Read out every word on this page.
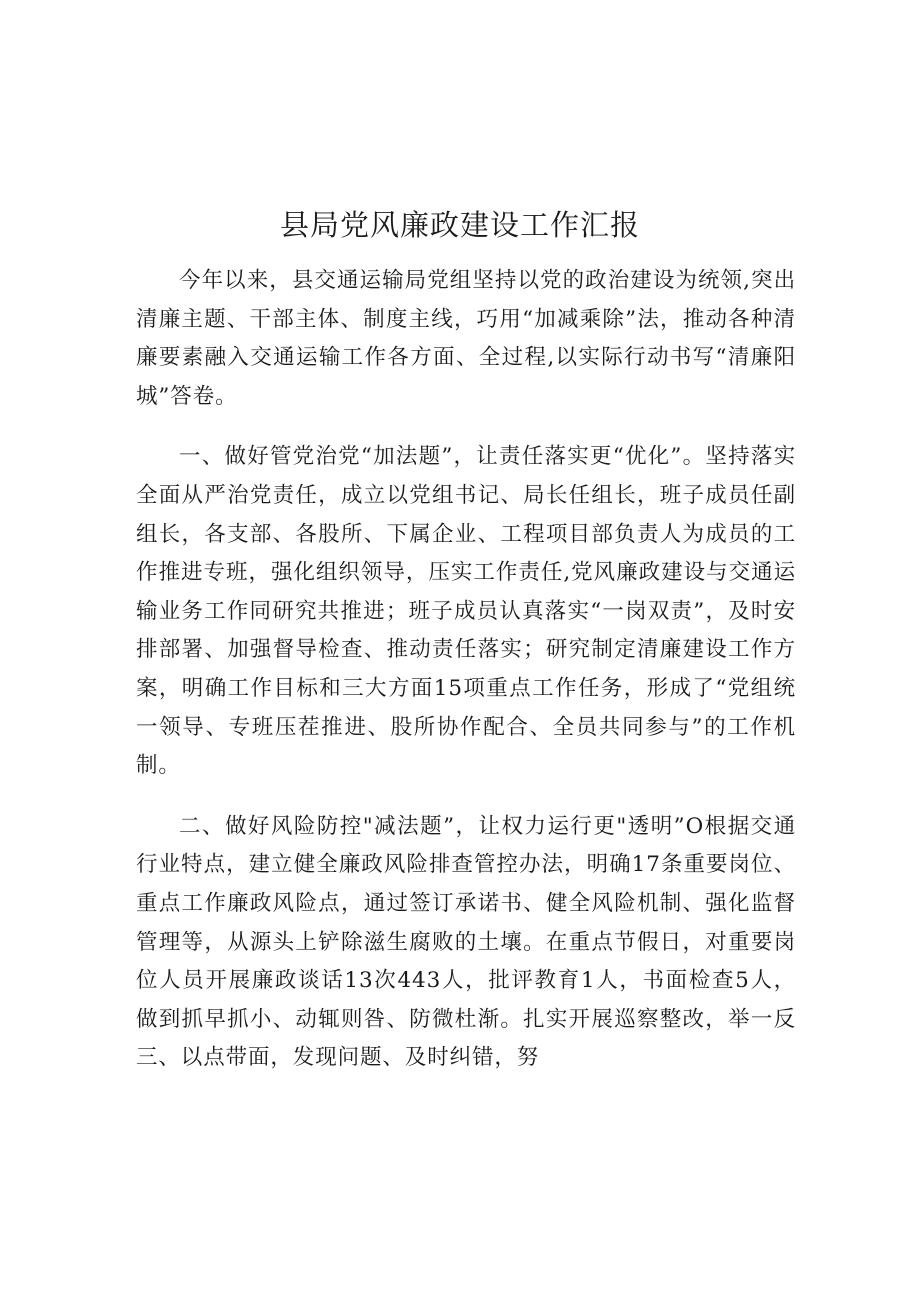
县局党风廉政建设工作汇报

今年以来，县交通运输局党组坚持以党的政治建设为统领,突出清廉主题、干部主体、制度主线，巧用“加减乘除”法，推动各种清廉要素融入交通运输工作各方面、全过程,以实际行动书写“清廉阳城”答卷。

一、做好管党治党“加法题”，让责任落实更“优化”。坚持落实全面从严治党责任，成立以党组书记、局长任组长，班子成员任副组长，各支部、各股所、下属企业、工程项目部负责人为成员的工作推进专班，强化组织领导，压实工作责任,党风廉政建设与交通运输业务工作同研究共推进；班子成员认真落实“一岗双责”，及时安排部署、加强督导检查、推动责任落实；研究制定清廉建设工作方案，明确工作目标和三大方面15项重点工作任务，形成了“党组统一领导、专班压茬推进、股所协作配合、全员共同参与”的工作机制。

二、做好风险防控"减法题”，让权力运行更"透明”O根据交通行业特点，建立健全廉政风险排查管控办法，明确17条重要岗位、重点工作廉政风险点，通过签订承诺书、健全风险机制、强化监督管理等，从源头上铲除滋生腐败的土壤。在重点节假日，对重要岗位人员开展廉政谈话13次443人，批评教育1人，书面检查5人，做到抓早抓小、动辄则咎、防微杜渐。扎实开展巡察整改，举一反三、以点带面，发现问题、及时纠错，努
